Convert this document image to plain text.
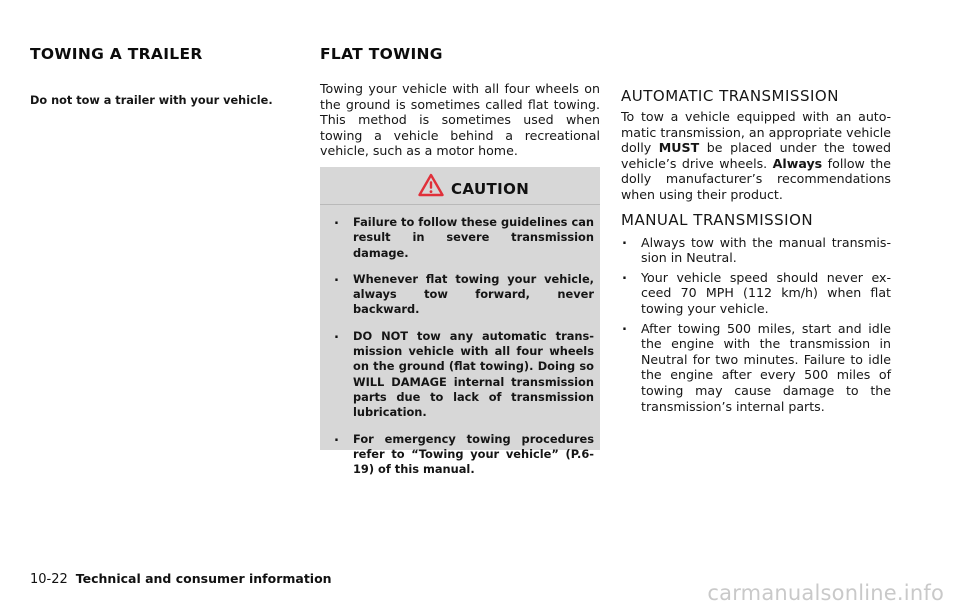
TOWING A TRAILER	FLAT TOWING

Do not tow a trailer with your vehicle.

Towing your vehicle with all four wheels on the ground is sometimes called flat towing. This method is sometimes used when towing a vehicle behind a recreational vehicle, such as a motor home.

CAUTION
. Failure to follow these guidelines can result in severe transmission damage.
. Whenever flat towing your vehicle, always tow forward, never backward.
. DO NOT tow any automatic transmission vehicle with all four wheels on the ground (flat towing). Doing so WILL DAMAGE internal transmission parts due to lack of transmission lubrication.
. For emergency towing procedures refer to “Towing your vehicle” (P.6-19) of this manual.
AUTOMATIC TRANSMISSION

To tow a vehicle equipped with an automatic transmission, an appropriate vehicle dolly MUST be placed under the towed vehicle’s drive wheels. Always follow the dolly manufacturer’s recommendations when using their product.

MANUAL TRANSMISSION
. Always tow with the manual transmission in Neutral.
. Your vehicle speed should never exceed 70 MPH (112 km/h) when flat towing your vehicle.
. After towing 500 miles, start and idle the engine with the transmission in Neutral for two minutes. Failure to idle the engine after every 500 miles of towing may cause damage to the transmission’s internal parts.
10-22 Technical and consumer information
carmanualsonline.info
